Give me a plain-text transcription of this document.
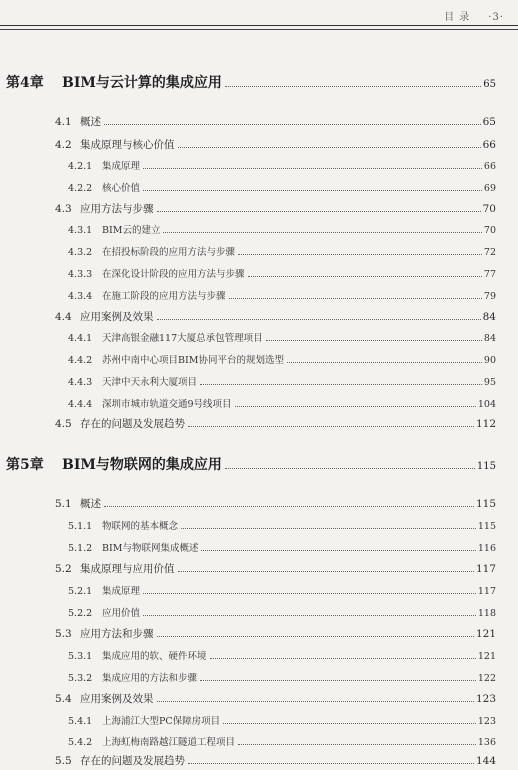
目 录 ·3·
第4章	BIM与云计算的集成应用	65
4.1 概述	65
4.2 集成原理与核心价值	66
4.2.1	集成原理	66
4.2.2	核心价值	69
4.3 应用方法与步骤	70
4.3.1	BIM云的建立	70
4.3.2	在招投标阶段的应用方法与步骤	72
4.3.3	在深化设计阶段的应用方法与步骤	77
4.3.4	在施工阶段的应用方法与步骤	79
4.4 应用案例及效果	84
4.4.1	天津高银金融117大厦总承包管理项目	84
4.4.2	苏州中南中心项目BIM协同平台的规划选型	90
4.4.3	天津中天永利大厦项目	95
4.4.4	深圳市城市轨道交通9号线项目	104
4.5 存在的问题及发展趋势	112
第5章	BIM与物联网的集成应用	115
5.1 概述	115
5.1.1	物联网的基本概念	115
5.1.2	BIM与物联网集成概述	116
5.2 集成原理与应用价值	117
5.2.1	集成原理	117
5.2.2	应用价值	118
5.3 应用方法和步骤	121
5.3.1	集成应用的软、硬件环境	121
5.3.2	集成应用的方法和步骤	122
5.4 应用案例及效果	123
5.4.1	上海浦江大型PC保障房项目	123
5.4.2	上海虹梅南路越江隧道工程项目	136
5.5 存在的问题及发展趋势	144
